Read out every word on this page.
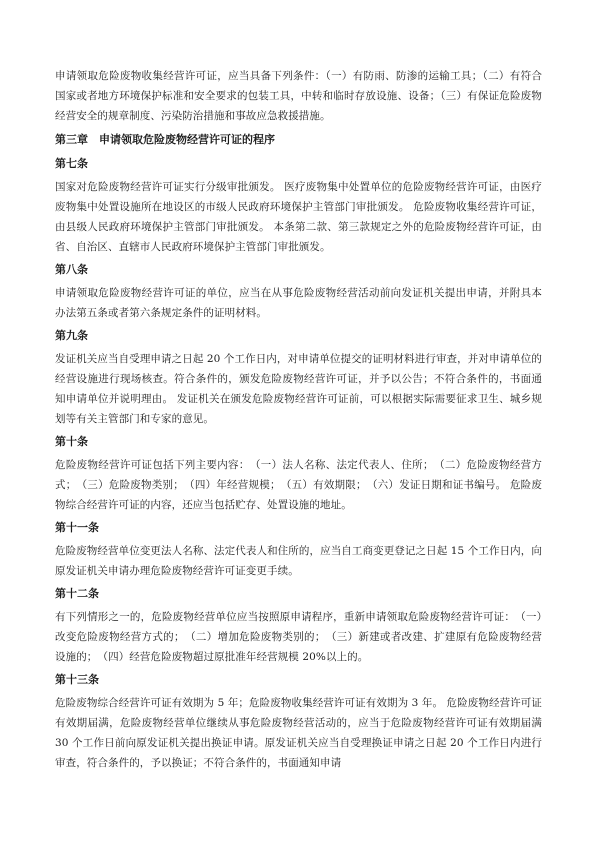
申请领取危险废物收集经营许可证，应当具备下列条件：（一）有防雨、防渗的运输工具；（二）有符合国家或者地方环境保护标准和安全要求的包装工具，中转和临时存放设施、设备；（三）有保证危险废物经营安全的规章制度、污染防治措施和事故应急救援措施。

第三章　申请领取危险废物经营许可证的程序
第七条

国家对危险废物经营许可证实行分级审批颁发。 医疗废物集中处置单位的危险废物经营许可证，由医疗废物集中处置设施所在地设区的市级人民政府环境保护主管部门审批颁发。 危险废物收集经营许可证，由县级人民政府环境保护主管部门审批颁发。 本条第二款、第三款规定之外的危险废物经营许可证，由省、自治区、直辖市人民政府环境保护主管部门审批颁发。

第八条

申请领取危险废物经营许可证的单位，应当在从事危险废物经营活动前向发证机关提出申请，并附具本办法第五条或者第六条规定条件的证明材料。

第九条

发证机关应当自受理申请之日起 20 个工作日内，对申请单位提交的证明材料进行审查，并对申请单位的经营设施进行现场核查。符合条件的，颁发危险废物经营许可证，并予以公告；不符合条件的，书面通知申请单位并说明理由。 发证机关在颁发危险废物经营许可证前，可以根据实际需要征求卫生、城乡规划等有关主管部门和专家的意见。

第十条

危险废物经营许可证包括下列主要内容：　（一）法人名称、法定代表人、住所；　（二）危险废物经营方式；　（三）危险废物类别；　（四）年经营规模；　（五）有效期限；　（六）发证日期和证书编号。 危险废物综合经营许可证的内容，还应当包括贮存、处置设施的地址。

第十一条

危险废物经营单位变更法人名称、法定代表人和住所的，应当自工商变更登记之日起 15 个工作日内，向原发证机关申请办理危险废物经营许可证变更手续。

第十二条

有下列情形之一的，危险废物经营单位应当按照原申请程序，重新申请领取危险废物经营许可证：　（一）改变危险废物经营方式的；　（二）增加危险废物类别的；　（三）新建或者改建、扩建原有危险废物经营设施的；　（四）经营危险废物超过原批准年经营规模 20%以上的。

第十三条

危险废物综合经营许可证有效期为 5 年；危险废物收集经营许可证有效期为 3 年。 危险废物经营许可证有效期届满，危险废物经营单位继续从事危险废物经营活动的，应当于危险废物经营许可证有效期届满 30 个工作日前向原发证机关提出换证申请。原发证机关应当自受理换证申请之日起 20 个工作日内进行审查，符合条件的，予以换证；不符合条件的，书面通知申请
